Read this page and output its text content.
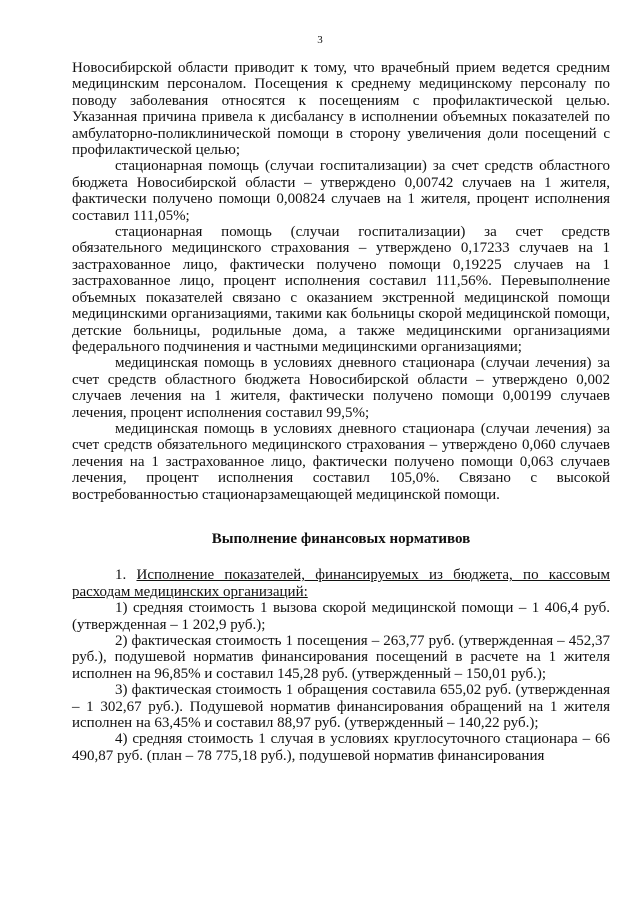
3

Новосибирской области приводит к тому, что врачебный прием ведется средним медицинским персоналом. Посещения к среднему медицинскому персоналу по поводу заболевания относятся к посещениям с профилактической целью. Указанная причина привела к дисбалансу в исполнении объемных показателей по амбулаторно-поликлинической помощи в сторону увеличения доли посещений с профилактической целью;

стационарная помощь (случаи госпитализации) за счет средств областного бюджета Новосибирской области – утверждено 0,00742 случаев на 1 жителя, фактически получено помощи 0,00824 случаев на 1 жителя, процент исполнения составил 111,05%;

стационарная помощь (случаи госпитализации) за счет средств обязательного медицинского страхования – утверждено 0,17233 случаев на 1 застрахованное лицо, фактически получено помощи 0,19225 случаев на 1 застрахованное лицо, процент исполнения составил 111,56%. Перевыполнение объемных показателей связано с оказанием экстренной медицинской помощи медицинскими организациями, такими как больницы скорой медицинской помощи, детские больницы, родильные дома, а также медицинскими организациями федерального подчинения и частными медицинскими организациями;

медицинская помощь в условиях дневного стационара (случаи лечения) за счет средств областного бюджета Новосибирской области – утверждено 0,002 случаев лечения на 1 жителя, фактически получено помощи 0,00199 случаев лечения, процент исполнения составил 99,5%;

медицинская помощь в условиях дневного стационара (случаи лечения) за счет средств обязательного медицинского страхования – утверждено 0,060 случаев лечения на 1 застрахованное лицо, фактически получено помощи 0,063 случаев лечения, процент исполнения составил 105,0%. Связано с высокой востребованностью стационарзамещающей медицинской помощи.

Выполнение финансовых нормативов

1. Исполнение показателей, финансируемых из бюджета, по кассовым расходам медицинских организаций:

1) средняя стоимость 1 вызова скорой медицинской помощи – 1 406,4 руб. (утвержденная – 1 202,9 руб.);

2) фактическая стоимость 1 посещения – 263,77 руб. (утвержденная – 452,37 руб.), подушевой норматив финансирования посещений в расчете на 1 жителя исполнен на 96,85% и составил 145,28 руб. (утвержденный – 150,01 руб.);

3) фактическая стоимость 1 обращения составила 655,02 руб. (утвержденная – 1 302,67 руб.). Подушевой норматив финансирования обращений на 1 жителя исполнен на 63,45% и составил 88,97 руб. (утвержденный – 140,22 руб.);

4) средняя стоимость 1 случая в условиях круглосуточного стационара – 66 490,87 руб. (план – 78 775,18 руб.), подушевой норматив финансирования
